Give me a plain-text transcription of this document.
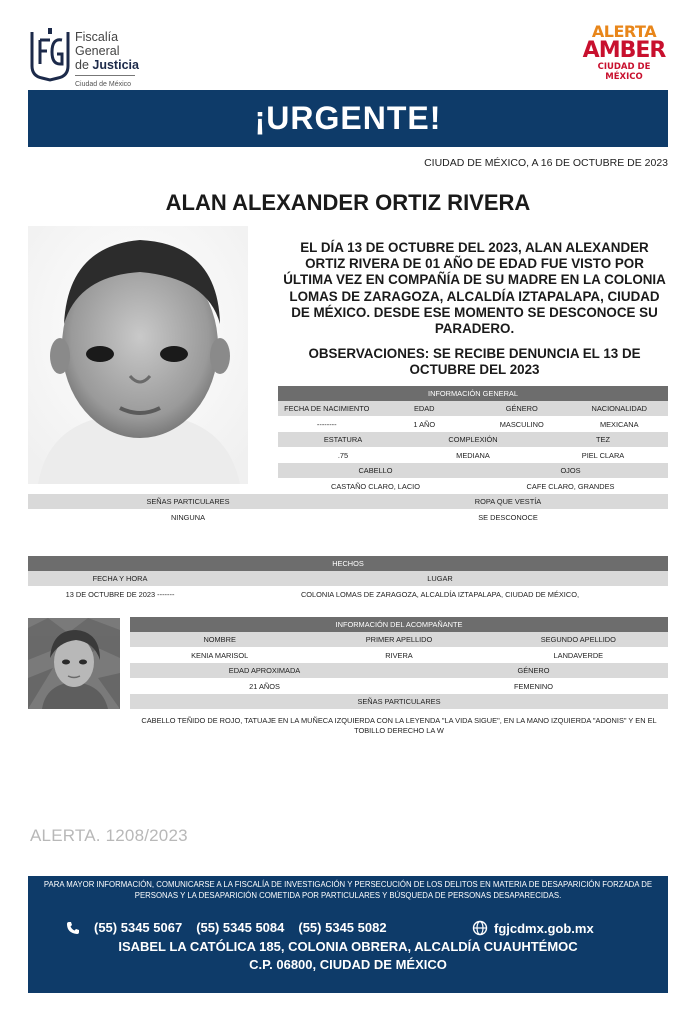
Fiscalía
General
de Justicia
Ciudad de México
ALERTA
AMBER
CIUDAD DE MÉXICO
¡URGENTE!
CIUDAD DE MÉXICO, A 16 DE OCTUBRE DE 2023
ALAN ALEXANDER ORTIZ RIVERA
EL DÍA 13 DE OCTUBRE DEL 2023, ALAN ALEXANDER ORTIZ RIVERA DE 01 AÑO DE EDAD FUE VISTO POR ÚLTIMA VEZ EN COMPAÑÍA DE SU MADRE EN LA COLONIA LOMAS DE ZARAGOZA, ALCALDÍA IZTAPALAPA, CIUDAD DE MÉXICO. DESDE ESE MOMENTO SE DESCONOCE SU PARADERO.
OBSERVACIONES: SE RECIBE DENUNCIA EL 13 DE OCTUBRE DEL 2023
INFORMACIÓN GENERAL
FECHA DE NACIMIENTO	EDAD	GÉNERO	NACIONALIDAD
--------	1 AÑO	MASCULINO	MEXICANA
ESTATURA	COMPLEXIÓN	TEZ
.75	MEDIANA	PIEL CLARA
CABELLO	OJOS
CASTAÑO CLARO, LACIO	CAFE CLARO, GRANDES
SEÑAS PARTICULARES	ROPA QUE VESTÍA
NINGUNA	SE DESCONOCE
HECHOS
FECHA Y HORA	LUGAR
13 DE OCTUBRE DE 2023 -------	COLONIA LOMAS DE ZARAGOZA, ALCALDÍA IZTAPALAPA, CIUDAD DE MÉXICO,
INFORMACIÓN DEL ACOMPAÑANTE
NOMBRE	PRIMER APELLIDO	SEGUNDO APELLIDO
KENIA MARISOL	RIVERA	LANDAVERDE
EDAD APROXIMADA	GÉNERO
21 AÑOS	FEMENINO
SEÑAS PARTICULARES
CABELLO TEÑIDO DE ROJO, TATUAJE EN LA MUÑECA IZQUIERDA CON LA LEYENDA "LA VIDA SIGUE", EN LA MANO IZQUIERDA "ADONIS" Y EN EL TOBILLO DERECHO LA W
ALERTA. 1208/2023
PARA MAYOR INFORMACIÓN, COMUNICARSE A LA FISCALÍA DE INVESTIGACIÓN Y PERSECUCIÓN DE LOS DELITOS EN MATERIA DE DESAPARICIÓN FORZADA DE PERSONAS Y LA DESAPARICIÓN COMETIDA POR PARTICULARES Y BÚSQUEDA DE PERSONAS DESAPARECIDAS.
(55) 5345 5067 (55) 5345 5084 (55) 5345 5082	fgjcdmx.gob.mx
ISABEL LA CATÓLICA 185, COLONIA OBRERA, ALCALDÍA CUAUHTÉMOC
C.P. 06800, CIUDAD DE MÉXICO
